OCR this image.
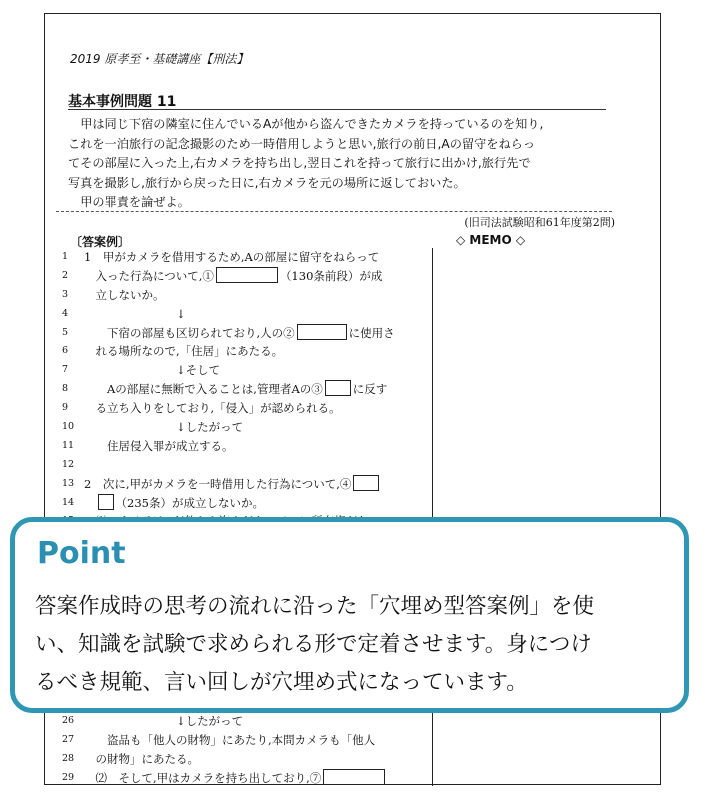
2019 原孝至・基礎講座【刑法】
基本事例問題 11
甲は同じ下宿の隣室に住んでいるAが他から盗んできたカメラを持っているのを知り,
これを一泊旅行の記念撮影のため一時借用しようと思い,旅行の前日,Aの留守をねらっ
てその部屋に入った上,右カメラを持ち出し,翌日これを持って旅行に出かけ,旅行先で
写真を撮影し,旅行から戻った日に,右カメラを元の場所に返しておいた。
甲の罪責を論ぜよ。
(旧司法試験昭和61年度第2問)
〔答案例〕	◇ MEMO ◇
1	1　甲がカメラを借用するため,Aの部屋に留守をねらって
2	入った行為について,①	（130条前段）が成
3	立しないか。
4	↓
5	下宿の部屋も区切られており,人の②	に使用さ
6	れる場所なので,「住居」にあたる。
7	↓そして
8	Aの部屋に無断で入ることは,管理者Aの③	に反す
9	る立ち入りをしており,「侵入」が認められる。
10	↓したがって
11	住居侵入罪が成立する。
12
13 2　次に,甲がカメラを一時借用した行為について,④
14	（235条）が成立しないか。
26	↓したがって
27	盗品も「他人の財物」にあたり,本問カメラも「他人
28	の財物」にあたる。
29	⑵　そして,甲はカメラを持ち出しており,⑦
Point
答案作成時の思考の流れに沿った「穴埋め型答案例」を使
い、知識を試験で求められる形で定着させます。身につけ
るべき規範、言い回しが穴埋め式になっています。
